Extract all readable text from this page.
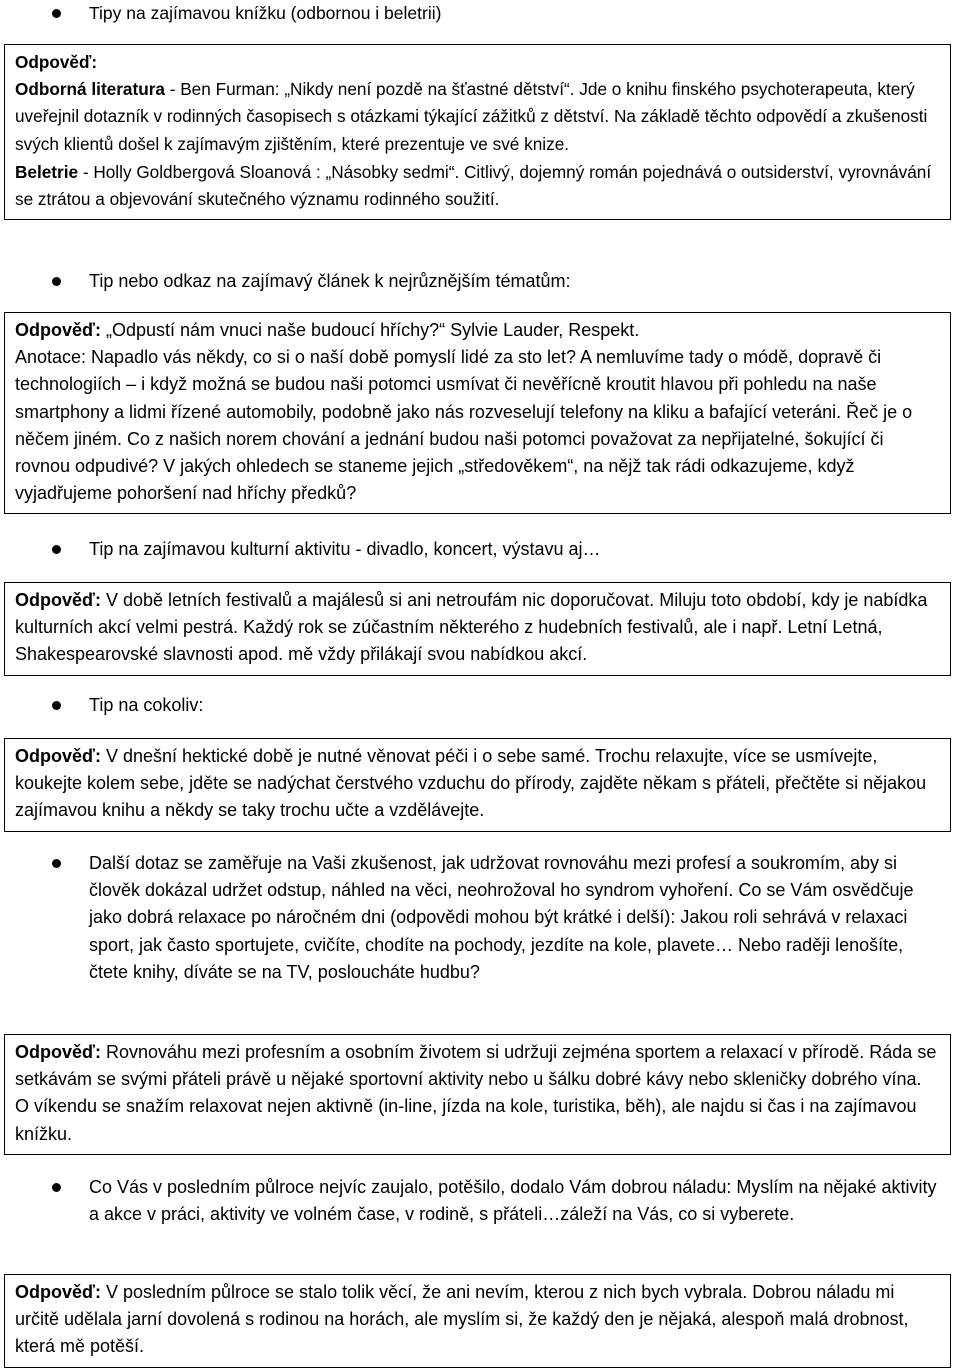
Tipy na zajímavou knížku (odbornou i beletrii)
Odpověď:
Odborná literatura - Ben Furman: „Nikdy není pozdě na šťastné dětství“. Jde o knihu finského psychoterapeuta, který uveřejnil dotazník v rodinných časopisech s otázkami týkající zážitků z dětství. Na základě těchto odpovědí a zkušenosti svých klientů došel k zajímavým zjištěním, které prezentuje ve své knize.
Beletrie - Holly Goldbergová Sloanová : „Násobky sedmi“. Citlivý, dojemný román pojednává o outsiderství, vyrovnávání se ztrátou a objevování skutečného významu rodinného soužití.
Tip nebo odkaz na zajímavý článek k nejrůznějším tématům:
Odpověď: „Odpustí nám vnuci naše budoucí hříchy?“ Sylvie Lauder, Respekt.
Anotace: Napadlo vás někdy, co si o naší době pomyslí lidé za sto let? A nemluvíme tady o módě, dopravě či technologiích – i když možná se budou naši potomci usmívat či nevěřícně kroutit hlavou při pohledu na naše smartphony a lidmi řízené automobily, podobně jako nás rozveselují telefony na kliku a bafající veteráni. Řeč je o něčem jiném. Co z našich norem chování a jednání budou naši potomci považovat za nepřijatelné, šokující či rovnou odpudivé? V jakých ohledech se staneme jejich „středověkem“, na nějž tak rádi odkazujeme, když vyjadřujeme pohoršení nad hříchy předků?
Tip na zajímavou kulturní aktivitu - divadlo, koncert, výstavu aj…
Odpověď: V době letních festivalů a majálesů si ani netroufám nic doporučovat. Miluju toto období, kdy je nabídka kulturních akcí velmi pestrá. Každý rok se zúčastním některého z hudebních festivalů, ale i např. Letní Letná, Shakespearovské slavnosti apod. mě vždy přilákají svou nabídkou akcí.
Tip na cokoliv:
Odpověď: V dnešní hektické době je nutné věnovat péči i o sebe samé. Trochu relaxujte, více se usmívejte, koukejte kolem sebe, jděte se nadýchat čerstvého vzduchu do přírody, zajděte někam s přáteli, přečtěte si nějakou zajímavou knihu a někdy se taky trochu učte a vzdělávejte.
Další dotaz se zaměřuje na Vaši zkušenost, jak udržovat rovnováhu mezi profesí a soukromím, aby si člověk dokázal udržet odstup, náhled na věci, neohrožoval ho syndrom vyhoření. Co se Vám osvědčuje jako dobrá relaxace po náročném dni (odpovědi mohou být krátké i delší): Jakou roli sehrává v relaxaci sport, jak často sportujete, cvičíte, chodíte na pochody, jezdíte na kole, plavete… Nebo raději lenošíte, čtete knihy, díváte se na TV, posloucháte hudbu?
Odpověď: Rovnováhu mezi profesním a osobním životem si udržuji zejména sportem a relaxací v přírodě. Ráda se setkávám se svými přáteli právě u nějaké sportovní aktivity nebo u šálku dobré kávy nebo skleničky dobrého vína. O víkendu se snažím relaxovat nejen aktivně (in-line, jízda na kole, turistika, běh), ale najdu si čas i na zajímavou knížku.
Co Vás v posledním půlroce nejvíc zaujalo, potěšilo, dodalo Vám dobrou náladu: Myslím na nějaké aktivity a akce v práci, aktivity ve volném čase, v rodině, s přáteli…záleží na Vás, co si vyberete.
Odpověď: V posledním půlroce se stalo tolik věcí, že ani nevím, kterou z nich bych vybrala. Dobrou náladu mi určitě udělala jarní dovolená s rodinou na horách, ale myslím si, že každý den je nějaká, alespoň malá drobnost, která mě potěší.
